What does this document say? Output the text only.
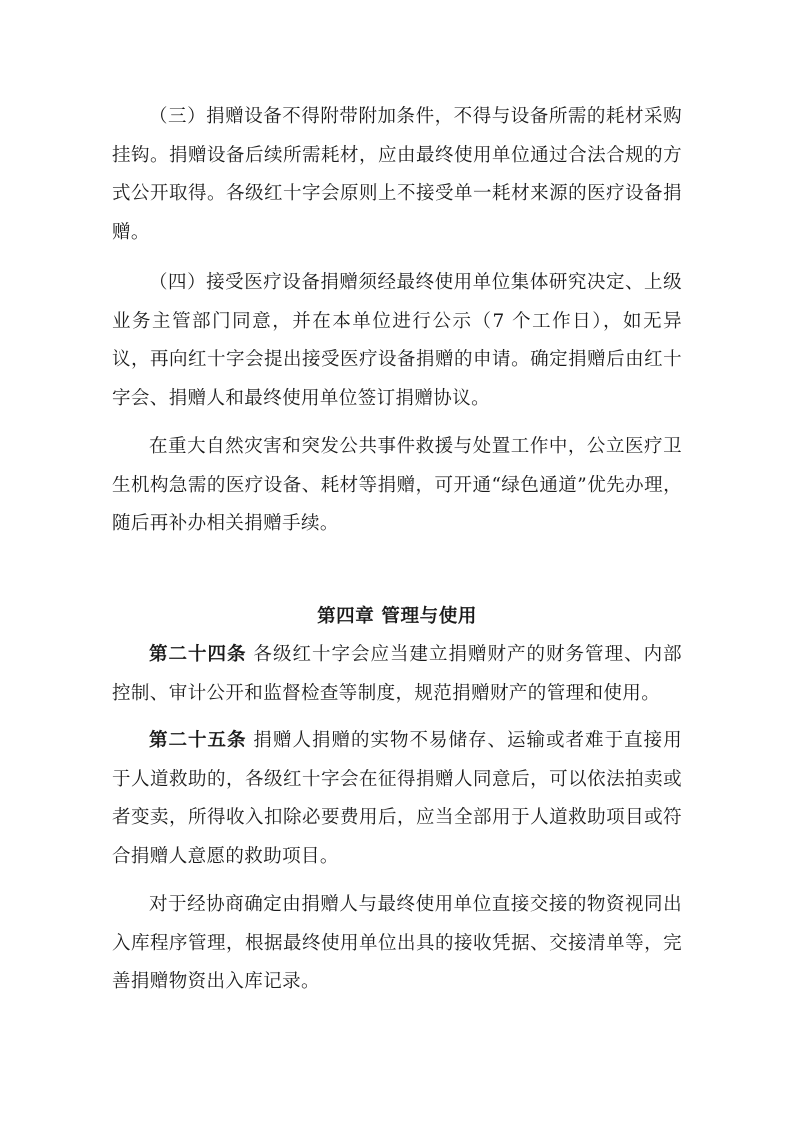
（三）捐赠设备不得附带附加条件，不得与设备所需的耗材采购挂钩。捐赠设备后续所需耗材，应由最终使用单位通过合法合规的方式公开取得。各级红十字会原则上不接受单一耗材来源的医疗设备捐赠。

（四）接受医疗设备捐赠须经最终使用单位集体研究决定、上级业务主管部门同意，并在本单位进行公示（7 个工作日），如无异议，再向红十字会提出接受医疗设备捐赠的申请。确定捐赠后由红十字会、捐赠人和最终使用单位签订捐赠协议。

在重大自然灾害和突发公共事件救援与处置工作中，公立医疗卫生机构急需的医疗设备、耗材等捐赠，可开通“绿色通道”优先办理，随后再补办相关捐赠手续。

第四章 管理与使用

第二十四条 各级红十字会应当建立捐赠财产的财务管理、内部控制、审计公开和监督检查等制度，规范捐赠财产的管理和使用。

第二十五条 捐赠人捐赠的实物不易储存、运输或者难于直接用于人道救助的，各级红十字会在征得捐赠人同意后，可以依法拍卖或者变卖，所得收入扣除必要费用后，应当全部用于人道救助项目或符合捐赠人意愿的救助项目。

对于经协商确定由捐赠人与最终使用单位直接交接的物资视同出入库程序管理，根据最终使用单位出具的接收凭据、交接清单等，完善捐赠物资出入库记录。
